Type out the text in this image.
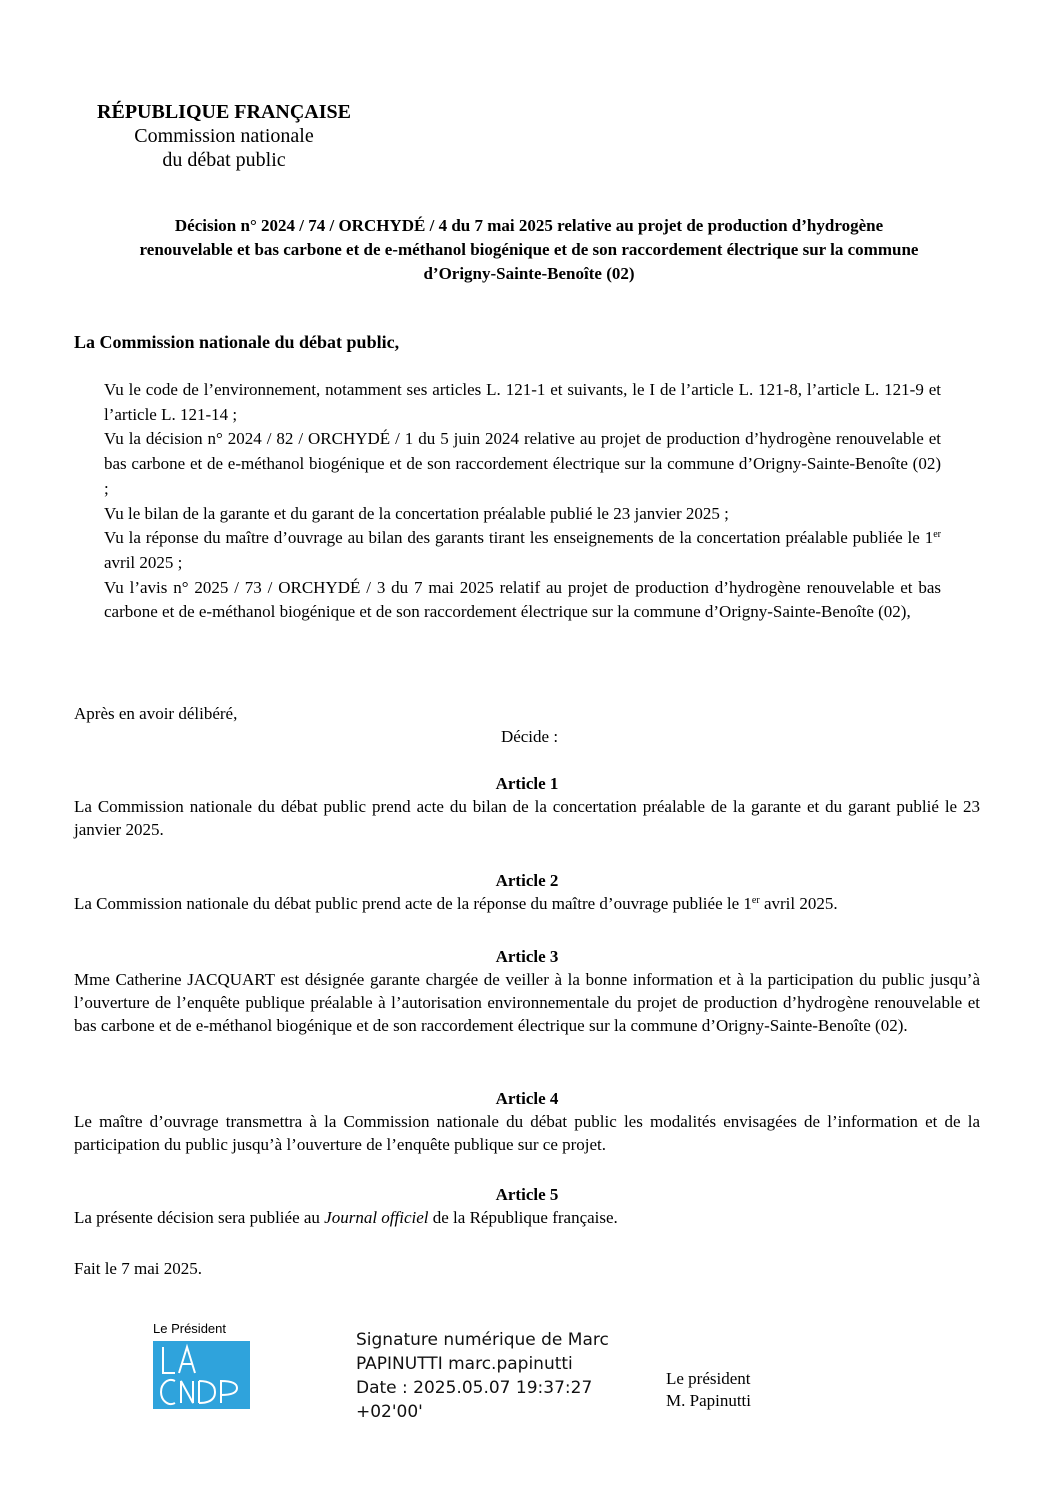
RÉPUBLIQUE FRANÇAISE
Commission nationale
du débat public
Décision n° 2024 / 74 / ORCHYDÉ / 4 du 7 mai 2025 relative au projet de production d’hydrogène
renouvelable et bas carbone et de e-méthanol biogénique et de son raccordement électrique sur la commune
d’Origny-Sainte-Benoîte (02)
La Commission nationale du débat public,

Vu le code de l’environnement, notamment ses articles L. 121-1 et suivants, le I de l’article L. 121-8, l’article L. 121-9 et l’article L. 121-14 ;

Vu la décision n° 2024 / 82 / ORCHYDÉ / 1 du 5 juin 2024 relative au projet de production d’hydrogène renouvelable et bas carbone et de e-méthanol biogénique et de son raccordement électrique sur la commune d’Origny-Sainte-Benoîte (02) ;

Vu le bilan de la garante et du garant de la concertation préalable publié le 23 janvier 2025 ;

Vu la réponse du maître d’ouvrage au bilan des garants tirant les enseignements de la concertation préalable publiée le 1er avril 2025 ;

Vu l’avis n° 2025 / 73 / ORCHYDÉ / 3 du 7 mai 2025 relatif au projet de production d’hydrogène renouvelable et bas carbone et de e-méthanol biogénique et de son raccordement électrique sur la commune d’Origny-Sainte-Benoîte (02),

Après en avoir délibéré,
Décide :
Article 1

La Commission nationale du débat public prend acte du bilan de la concertation préalable de la garante et du garant publié le 23 janvier 2025.

Article 2

La Commission nationale du débat public prend acte de la réponse du maître d’ouvrage publiée le 1er avril 2025.

Article 3

Mme Catherine JACQUART est désignée garante chargée de veiller à la bonne information et à la participation du public jusqu’à l’ouverture de l’enquête publique préalable à l’autorisation environnementale du projet de production d’hydrogène renouvelable et bas carbone et de e-méthanol biogénique et de son raccordement électrique sur la commune d’Origny-Sainte-Benoîte (02).

Article 4

Le maître d’ouvrage transmettra à la Commission nationale du débat public les modalités envisagées de l’information et de la participation du public jusqu’à l’ouverture de l’enquête publique sur ce projet.

Article 5

La présente décision sera publiée au Journal officiel de la République française.

Fait le 7 mai 2025.
Le Président
Signature numérique de Marc
PAPINUTTI marc.papinutti
Date : 2025.05.07 19:37:27
+02'00'
Le président
M. Papinutti
